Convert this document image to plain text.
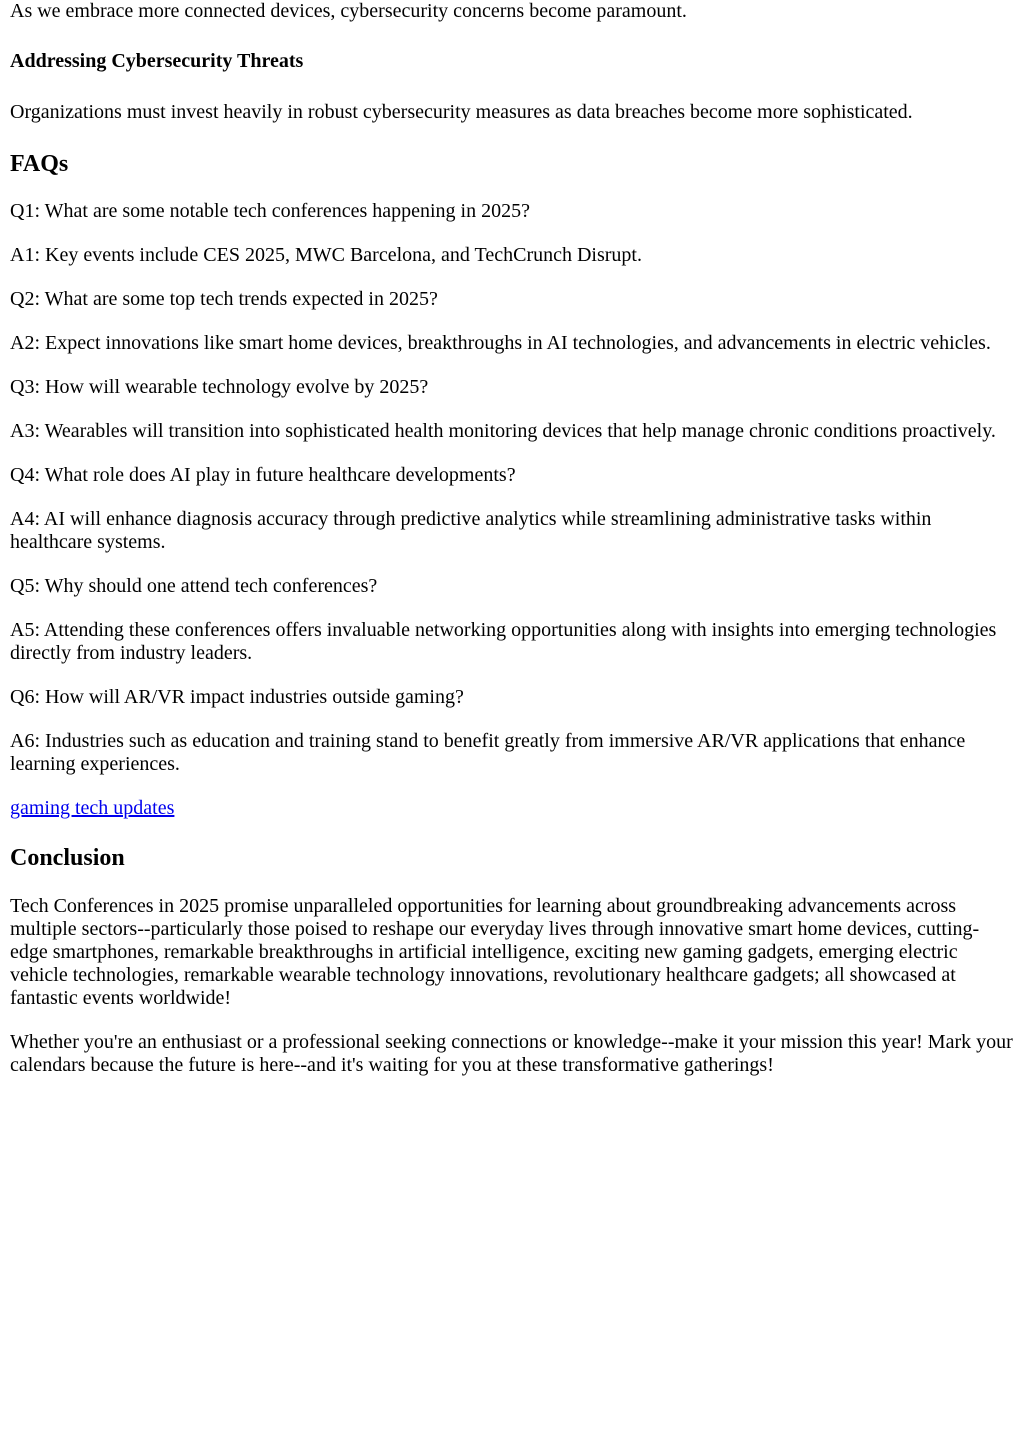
As we embrace more connected devices, cybersecurity concerns become paramount.

Addressing Cybersecurity Threats

Organizations must invest heavily in robust cybersecurity measures as data breaches become more sophisticated.

FAQs

Q1: What are some notable tech conferences happening in 2025?

A1: Key events include CES 2025, MWC Barcelona, and TechCrunch Disrupt.

Q2: What are some top tech trends expected in 2025?

A2: Expect innovations like smart home devices, breakthroughs in AI technologies, and advancements in electric vehicles.

Q3: How will wearable technology evolve by 2025?

A3: Wearables will transition into sophisticated health monitoring devices that help manage chronic conditions proactively.

Q4: What role does AI play in future healthcare developments?

A4: AI will enhance diagnosis accuracy through predictive analytics while streamlining administrative tasks within healthcare systems.

Q5: Why should one attend tech conferences?

A5: Attending these conferences offers invaluable networking opportunities along with insights into emerging technologies directly from industry leaders.

Q6: How will AR/VR impact industries outside gaming?

A6: Industries such as education and training stand to benefit greatly from immersive AR/VR applications that enhance learning experiences.

gaming tech updates

Conclusion

Tech Conferences in 2025 promise unparalleled opportunities for learning about groundbreaking advancements across multiple sectors--particularly those poised to reshape our everyday lives through innovative smart home devices, cutting-edge smartphones, remarkable breakthroughs in artificial intelligence, exciting new gaming gadgets, emerging electric vehicle technologies, remarkable wearable technology innovations, revolutionary healthcare gadgets; all showcased at fantastic events worldwide!

Whether you're an enthusiast or a professional seeking connections or knowledge--make it your mission this year! Mark your calendars because the future is here--and it's waiting for you at these transformative gatherings!
